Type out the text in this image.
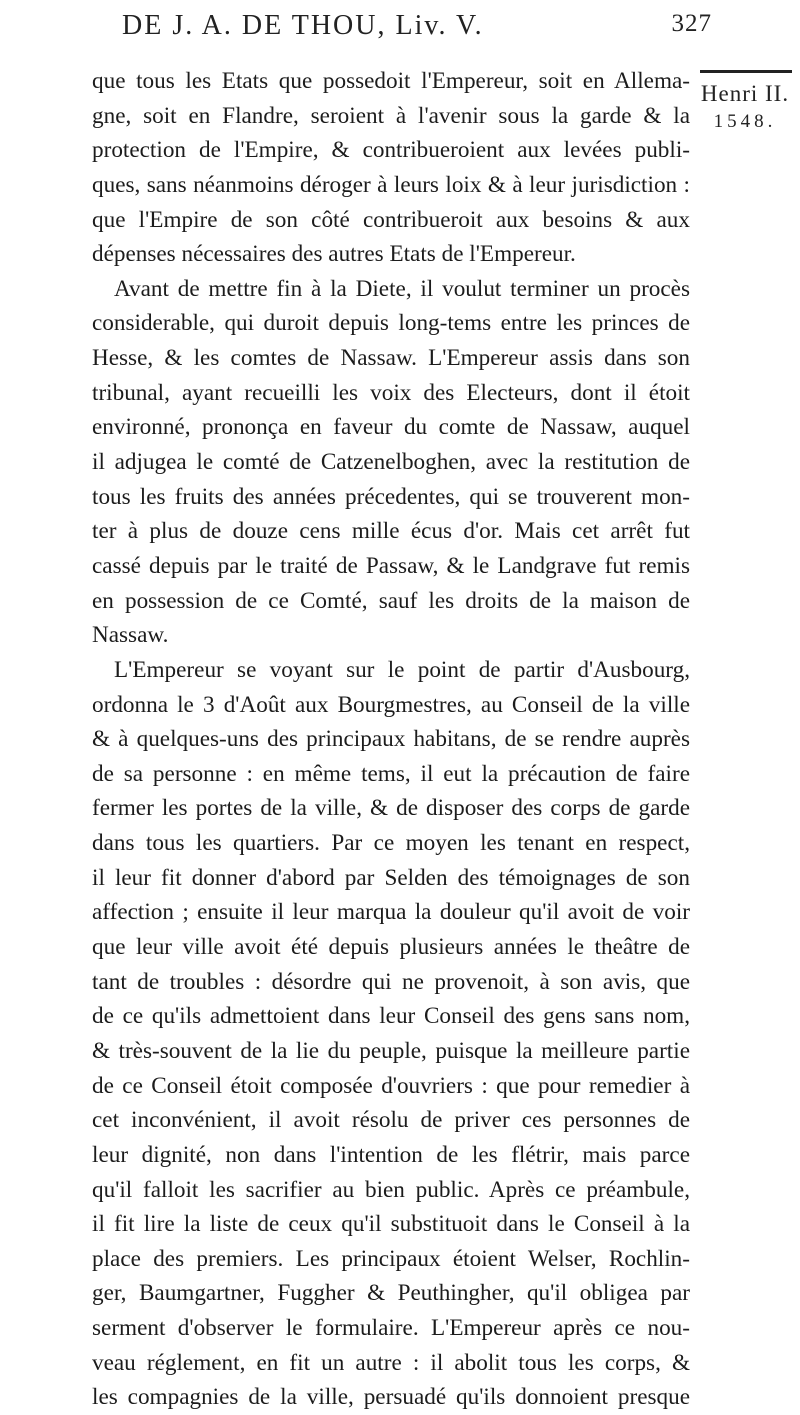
DE J. A. DE THOU, Liv. V.	327
Henri II.
1548.
que tous les Etats que possedoit l'Empereur, soit en Allema-
gne, soit en Flandre, seroient à l'avenir sous la garde & la
protection de l'Empire, & contribueroient aux levées publi-
ques, sans néanmoins déroger à leurs loix & à leur jurisdiction :
que l'Empire de son côté contribueroit aux besoins & aux
dépenses nécessaires des autres Etats de l'Empereur.
Avant de mettre fin à la Diete, il voulut terminer un procès
considerable, qui duroit depuis long-tems entre les princes de
Hesse, & les comtes de Nassaw. L'Empereur assis dans son
tribunal, ayant recueilli les voix des Electeurs, dont il étoit
environné, prononça en faveur du comte de Nassaw, auquel
il adjugea le comté de Catzenelboghen, avec la restitution de
tous les fruits des années précedentes, qui se trouverent mon-
ter à plus de douze cens mille écus d'or. Mais cet arrêt fut
cassé depuis par le traité de Passaw, & le Landgrave fut remis
en possession de ce Comté, sauf les droits de la maison de
Nassaw.
L'Empereur se voyant sur le point de partir d'Ausbourg,
ordonna le 3 d'Août aux Bourgmestres, au Conseil de la ville
& à quelques-uns des principaux habitans, de se rendre auprès
de sa personne : en même tems, il eut la précaution de faire
fermer les portes de la ville, & de disposer des corps de garde
dans tous les quartiers. Par ce moyen les tenant en respect,
il leur fit donner d'abord par Selden des témoignages de son
affection ; ensuite il leur marqua la douleur qu'il avoit de voir
que leur ville avoit été depuis plusieurs années le theâtre de
tant de troubles : désordre qui ne provenoit, à son avis, que
de ce qu'ils admettoient dans leur Conseil des gens sans nom,
& très-souvent de la lie du peuple, puisque la meilleure partie
de ce Conseil étoit composée d'ouvriers : que pour remedier à
cet inconvénient, il avoit résolu de priver ces personnes de
leur dignité, non dans l'intention de les flétrir, mais parce
qu'il falloit les sacrifier au bien public. Après ce préambule,
il fit lire la liste de ceux qu'il substituoit dans le Conseil à la
place des premiers. Les principaux étoient Welser, Rochlin-
ger, Baumgartner, Fuggher & Peuthingher, qu'il obligea par
serment d'observer le formulaire. L'Empereur après ce nou-
veau réglement, en fit un autre : il abolit tous les corps, &
les compagnies de la ville, persuadé qu'ils donnoient presque
